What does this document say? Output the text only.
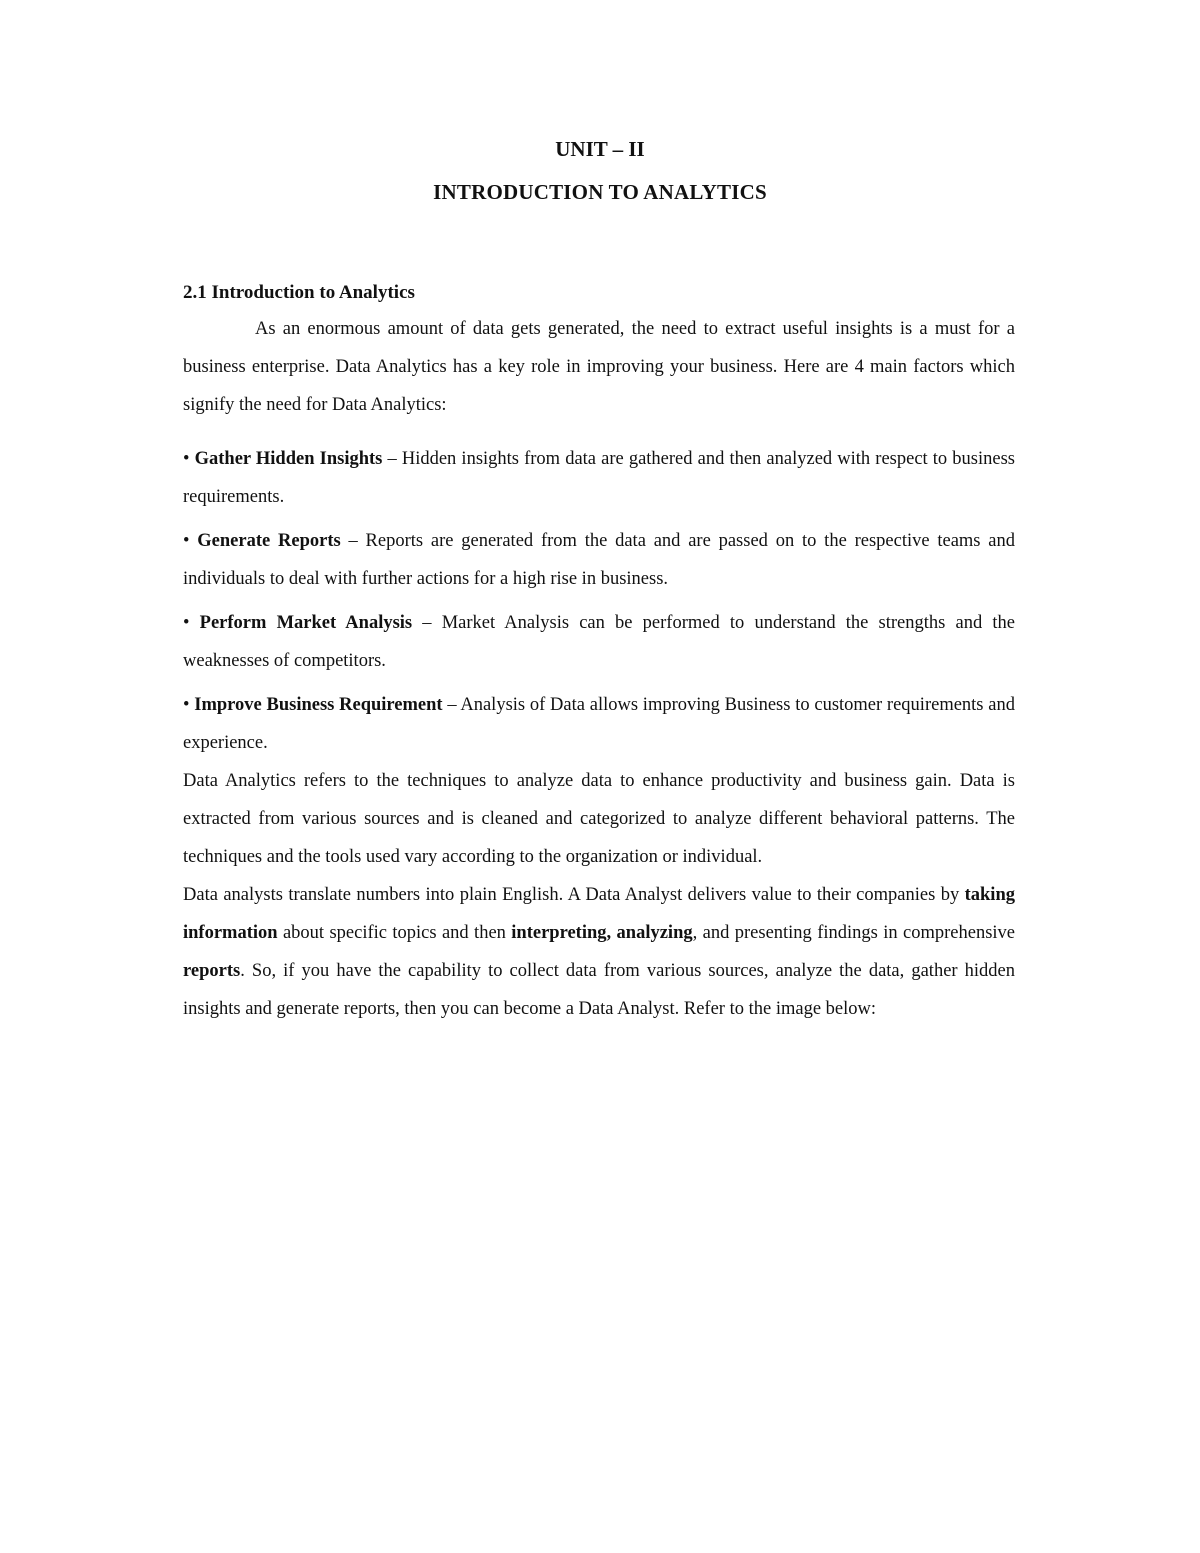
UNIT – II
INTRODUCTION TO ANALYTICS
2.1 Introduction to Analytics

As an enormous amount of data gets generated, the need to extract useful insights is a must for a business enterprise. Data Analytics has a key role in improving your business. Here are 4 main factors which signify the need for Data Analytics:

• Gather Hidden Insights – Hidden insights from data are gathered and then analyzed with respect to business requirements.

• Generate Reports – Reports are generated from the data and are passed on to the respective teams and individuals to deal with further actions for a high rise in business.

• Perform Market Analysis – Market Analysis can be performed to understand the strengths and the weaknesses of competitors.

• Improve Business Requirement – Analysis of Data allows improving Business to customer requirements and experience.

Data Analytics refers to the techniques to analyze data to enhance productivity and business gain. Data is extracted from various sources and is cleaned and categorized to analyze different behavioral patterns. The techniques and the tools used vary according to the organization or individual.

Data analysts translate numbers into plain English. A Data Analyst delivers value to their companies by taking information about specific topics and then interpreting, analyzing, and presenting findings in comprehensive reports. So, if you have the capability to collect data from various sources, analyze the data, gather hidden insights and generate reports, then you can become a Data Analyst. Refer to the image below:
